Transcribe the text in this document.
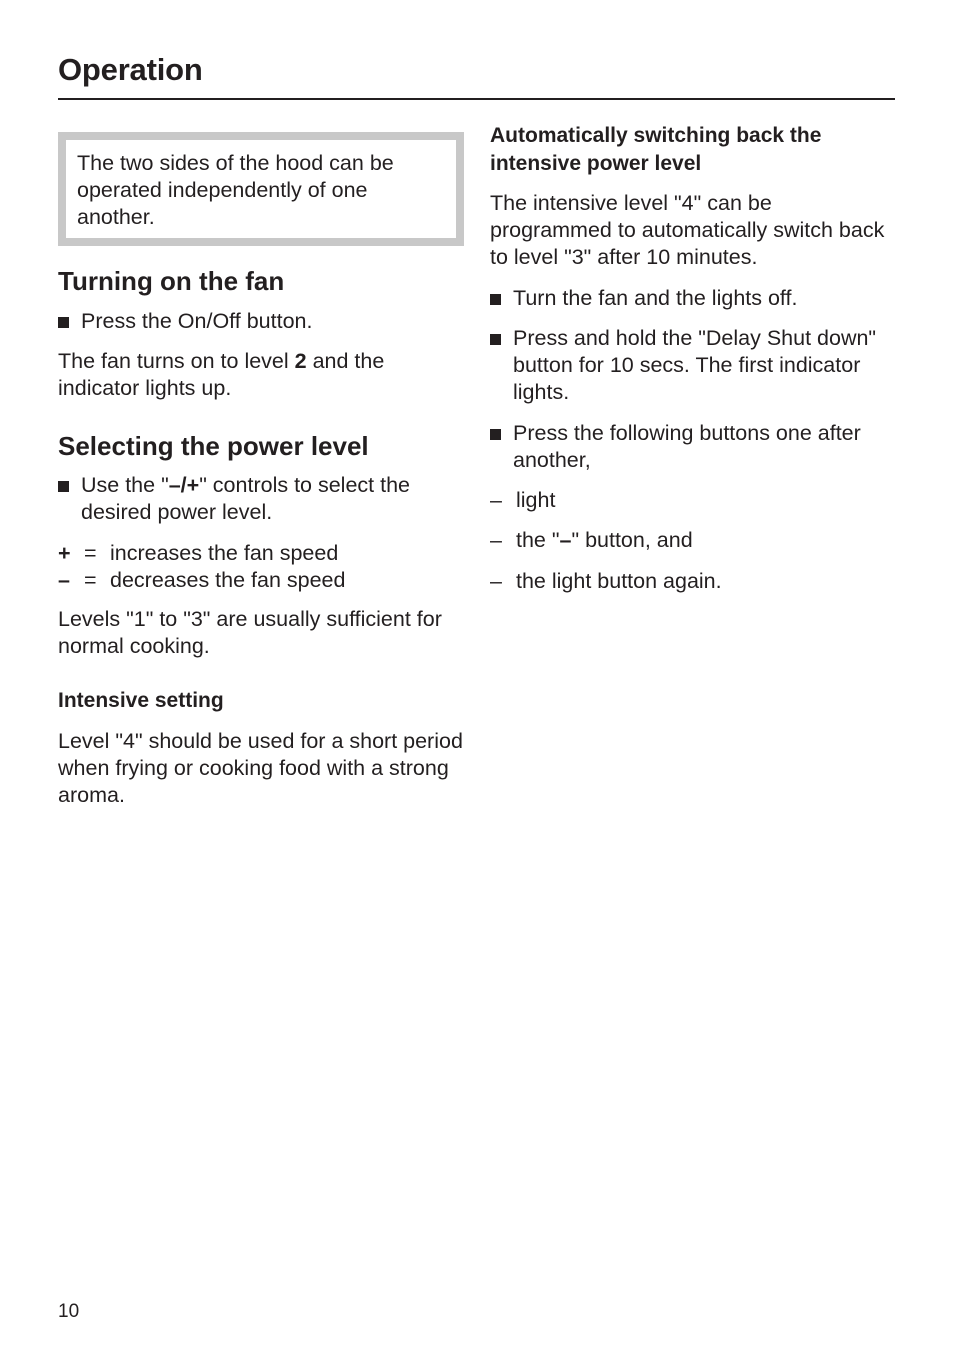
Operation

The two sides of the hood can be operated independently of one another.

Turning on the fan

Press the On/Off button.

The fan turns on to level 2 and the indicator lights up.

Selecting the power level

Use the "–/+" controls to select the desired power level.

+ = increases the fan speed
– = decreases the fan speed

Levels "1" to "3" are usually sufficient for normal cooking.

Intensive setting

Level "4" should be used for a short period when frying or cooking food with a strong aroma.

Automatically switching back the intensive power level

The intensive level "4" can be programmed to automatically switch back to level "3" after 10 minutes.

Turn the fan and the lights off.

Press and hold the "Delay Shut down" button for 10 secs. The first indicator lights.

Press the following buttons one after another,

– light

– the "–" button, and

– the light button again.

10
